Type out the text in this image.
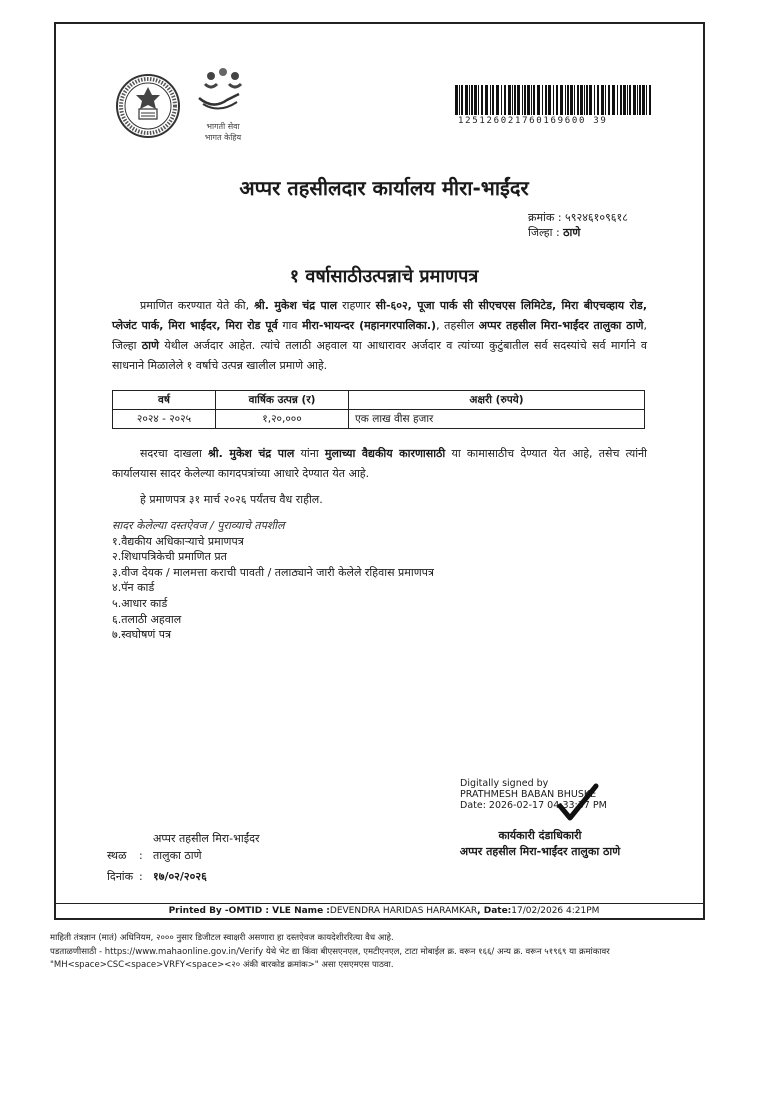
भागती सेवा
भागत केहिय
125126021760169600 39
अप्पर तहसीलदार कार्यालय मीरा-भाईंदर
क्रमांक : ५९२४६१०९६१८
जिल्हा : ठाणे
१ वर्षासाठीउत्पन्नाचे प्रमाणपत्र
प्रमाणित करण्यात येते की, श्री. मुकेश चंद्र पाल राहणार सी-६०२, पूजा पार्क सी सीएचएस लिमिटेड, मिरा बीएचव्हाय रोड, प्लेजंट पार्क, मिरा भाईंदर, मिरा रोड पूर्व गाव मीरा-भायन्दर (महानगरपालिका.), तहसील अप्पर तहसील मिरा-भाईंदर तालुका ठाणे, जिल्हा ठाणे येथील अर्जदार आहेत. त्यांचे तलाठी अहवाल या आधारावर अर्जदार व त्यांच्या कुटुंबातील सर्व सदस्यांचे सर्व मार्गाने व साधनाने मिळालेले १ वर्षाचे उत्पन्न खालील प्रमाणे आहे.
वर्ष	वार्षिक उत्पन्न (र)	अक्षरी (रुपये)
२०२४ - २०२५	१,२०,०००	एक लाख वीस हजार
सदरचा दाखला श्री. मुकेश चंद्र पाल यांना मुलाच्या वैद्यकीय कारणासाठी या कामासाठीच देण्यात येत आहे, तसेच त्यांनी कार्यालयास सादर केलेल्या कागदपत्रांच्या आधारे देण्यात येत आहे.
हे प्रमाणपत्र ३१ मार्च २०२६ पर्यंतच वैध राहील.
सादर केलेल्या दस्तऐवज / पुराव्याचे तपशील
१.वैद्यकीय अधिकाऱ्याचे प्रमाणपत्र
२.शिधापत्रिकेची प्रमाणित प्रत
३.वीज देयक / मालमत्ता कराची पावती / तलाठ्याने जारी केलेले रहिवास प्रमाणपत्र
४.पॅन कार्ड
५.आधार कार्ड
६.तलाठी अहवाल
७.स्वघोषणं पत्र
Digitally signed by
PRATHMESH BABAN BHUSKE
Date: 2026-02-17 04:33:37 PM
कार्यकारी दंडाधिकारी
अप्पर तहसील मिरा-भाईंदर तालुका ठाणे
अप्पर तहसील मिरा-भाईंदर
स्थळ	: तालुका ठाणे
दिनांक : १७/०२/२०२६
Printed By -OMTID : VLE Name :DEVENDRA HARIDAS HARAMKAR, Date:17/02/2026 4:21PM
माहिती तंत्रज्ञान (मातं) अधिनियम, २००० नुसार डिजीटल स्वाक्षरी असणारा हा दस्तऐवज कायदेशीररित्या वैध आहे.
पडताळणीसाठी - https://www.mahaonline.gov.in/Verify येथे भेट द्या किंवा बीएसएनएल, एमटीएनएल, टाटा मोबाईल क्र. वरून १६६/ अन्य क्र. वरून ५१९६९ या क्रमांकावर
"MH<space>CSC<space>VRFY<space><२० अंकी बारकोड क्रमांक>" असा एसएमएस पाठवा.
